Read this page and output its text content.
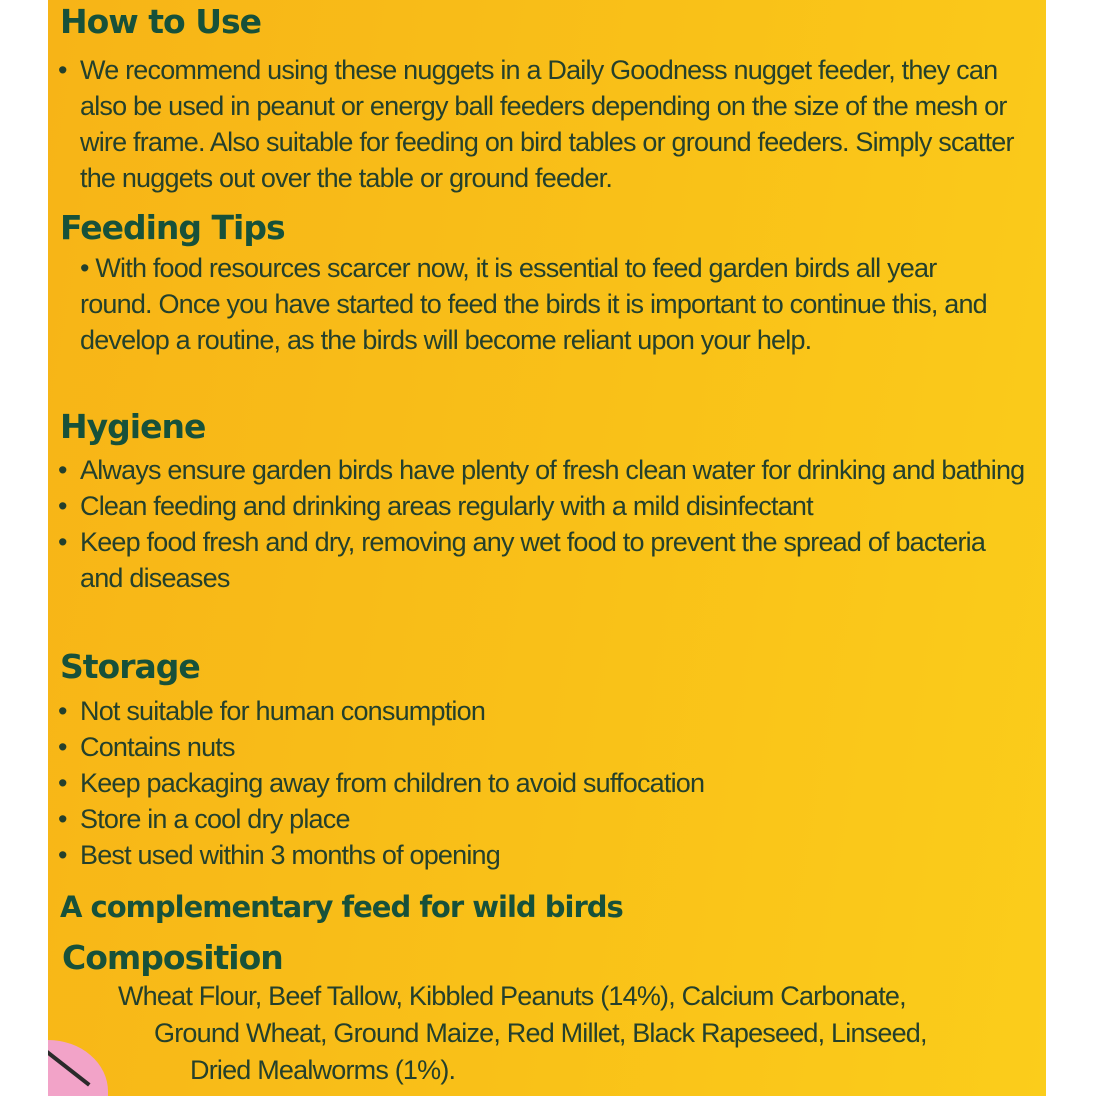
How to Use
• We recommend using these nuggets in a Daily Goodness nugget feeder, they can also be used in peanut or energy ball feeders depending on the size of the mesh or wire frame. Also suitable for feeding on bird tables or ground feeders. Simply scatter the nuggets out over the table or ground feeder.
Feeding Tips

• With food resources scarcer now, it is essential to feed garden birds all year round. Once you have started to feed the birds it is important to continue this, and develop a routine, as the birds will become reliant upon your help.

Hygiene
• Always ensure garden birds have plenty of fresh clean water for drinking and bathing
• Clean feeding and drinking areas regularly with a mild disinfectant
• Keep food fresh and dry, removing any wet food to prevent the spread of bacteria and diseases
Storage
• Not suitable for human consumption
• Contains nuts
• Keep packaging away from children to avoid suffocation
• Store in a cool dry place
• Best used within 3 months of opening
A complementary feed for wild birds
Composition

Wheat Flour, Beef Tallow, Kibbled Peanuts (14%), Calcium Carbonate,
Ground Wheat, Ground Maize, Red Millet, Black Rapeseed, Linseed,
Dried Mealworms (1%).
